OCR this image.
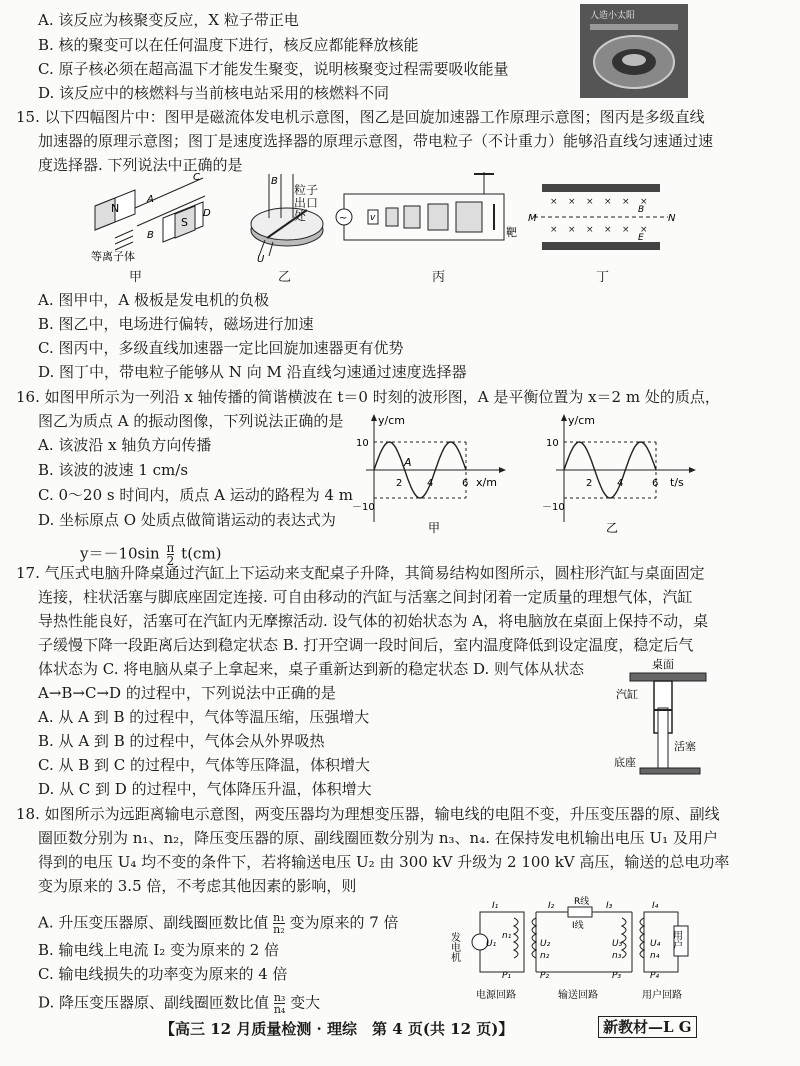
A. 该反应为核聚变反应，X 粒子带正电
B. 核的聚变可以在任何温度下进行，核反应都能释放核能
C. 原子核必须在超高温下才能发生聚变，说明核聚变过程需要吸收能量
D. 该反应中的核燃料与当前核电站采用的核燃料不同
人造小太阳
15. 以下四幅图片中：图甲是磁流体发电机示意图，图乙是回旋加速器工作原理示意图；图丙是多级直线
加速器的原理示意图；图丁是速度选择器的原理示意图，带电粒子（不计重力）能够沿直线匀速通过速
度选择器. 下列说法中正确的是
N
S
C
A
B
D
等离子体
B
U
粒子出口处	~	v
靶
M	N
× × × × × ×
× × × × × ×
B
E
甲	乙	丙	丁
A. 图甲中，A 极板是发电机的负极
B. 图乙中，电场进行偏转，磁场进行加速
C. 图丙中，多级直线加速器一定比回旋加速器更有优势
D. 图丁中，带电粒子能够从 N 向 M 沿直线匀速通过速度选择器
16. 如图甲所示为一列沿 x 轴传播的简谐横波在 t＝0 时刻的波形图，A 是平衡位置为 x＝2 m 处的质点，
图乙为质点 A 的振动图像，下列说法正确的是
A. 该波沿 x 轴负方向传播
B. 该波的波速 1 cm/s
C. 0～20 s 时间内，质点 A 运动的路程为 4 m
D. 坐标原点 O 处质点做简谐运动的表达式为
$y=-10\sin \frac{\pi}{2} t(cm)$
y/cm
x/m
10
－10
2 4	6
A
甲
y/cm
t/s
10
－10
2 4	6
乙
17. 气压式电脑升降桌通过汽缸上下运动来支配桌子升降，其简易结构如图所示，圆柱形汽缸与桌面固定
连接，柱状活塞与脚底座固定连接. 可自由移动的汽缸与活塞之间封闭着一定质量的理想气体，汽缸
导热性能良好，活塞可在汽缸内无摩擦活动. 设气体的初始状态为 A，将电脑放在桌面上保持不动，桌
子缓慢下降一段距离后达到稳定状态 B. 打开空调一段时间后，室内温度降低到设定温度，稳定后气
体状态为 C. 将电脑从桌子上拿起来，桌子重新达到新的稳定状态 D. 则气体从状态
A→B→C→D 的过程中，下列说法中正确的是
A. 从 A 到 B 的过程中，气体等温压缩，压强增大
B. 从 A 到 B 的过程中，气体会从外界吸热
C. 从 B 到 C 的过程中，气体等压降温，体积增大
D. 从 C 到 D 的过程中，气体降压升温，体积增大
桌面
汽缸
活塞
底座
18. 如图所示为远距离输电示意图，两变压器均为理想变压器，输电线的电阻不变，升压变压器的原、副线
圈匝数分别为 n₁、n₂，降压变压器的原、副线圈匝数分别为 n₃、n₄. 在保持发电机输出电压 U₁ 及用户
得到的电压 U₄ 均不变的条件下，若将输送电压 U₂ 由 300 kV 升级为 2 100 kV 高压，输送的总电功率
变为原来的 3.5 倍，不考虑其他因素的影响，则
A. 升压变压器原、副线圈匝数比值 $\frac{\text{n₁}}{\text{n₂}}$ 变为原来的 7 倍
B. 输电线上电流 I₂ 变为原来的 2 倍
C. 输电线损失的功率变为原来的 4 倍
D. 降压变压器原、副线圈匝数比值 $\frac{\text{n₃}}{\text{n₄}}$ 变大
I₁
U₁
n₁
P₁
I₂
U₂
n₂
P₂
I₃
U₃
n₃
P₃
I₄
U₄
n₄
P₄
R线
I线
发电机	用户
电源回路	输送回路	用户回路
【高三 12 月质量检测 · 理综　第 4 页(共 12 页)】	新教材—L G
